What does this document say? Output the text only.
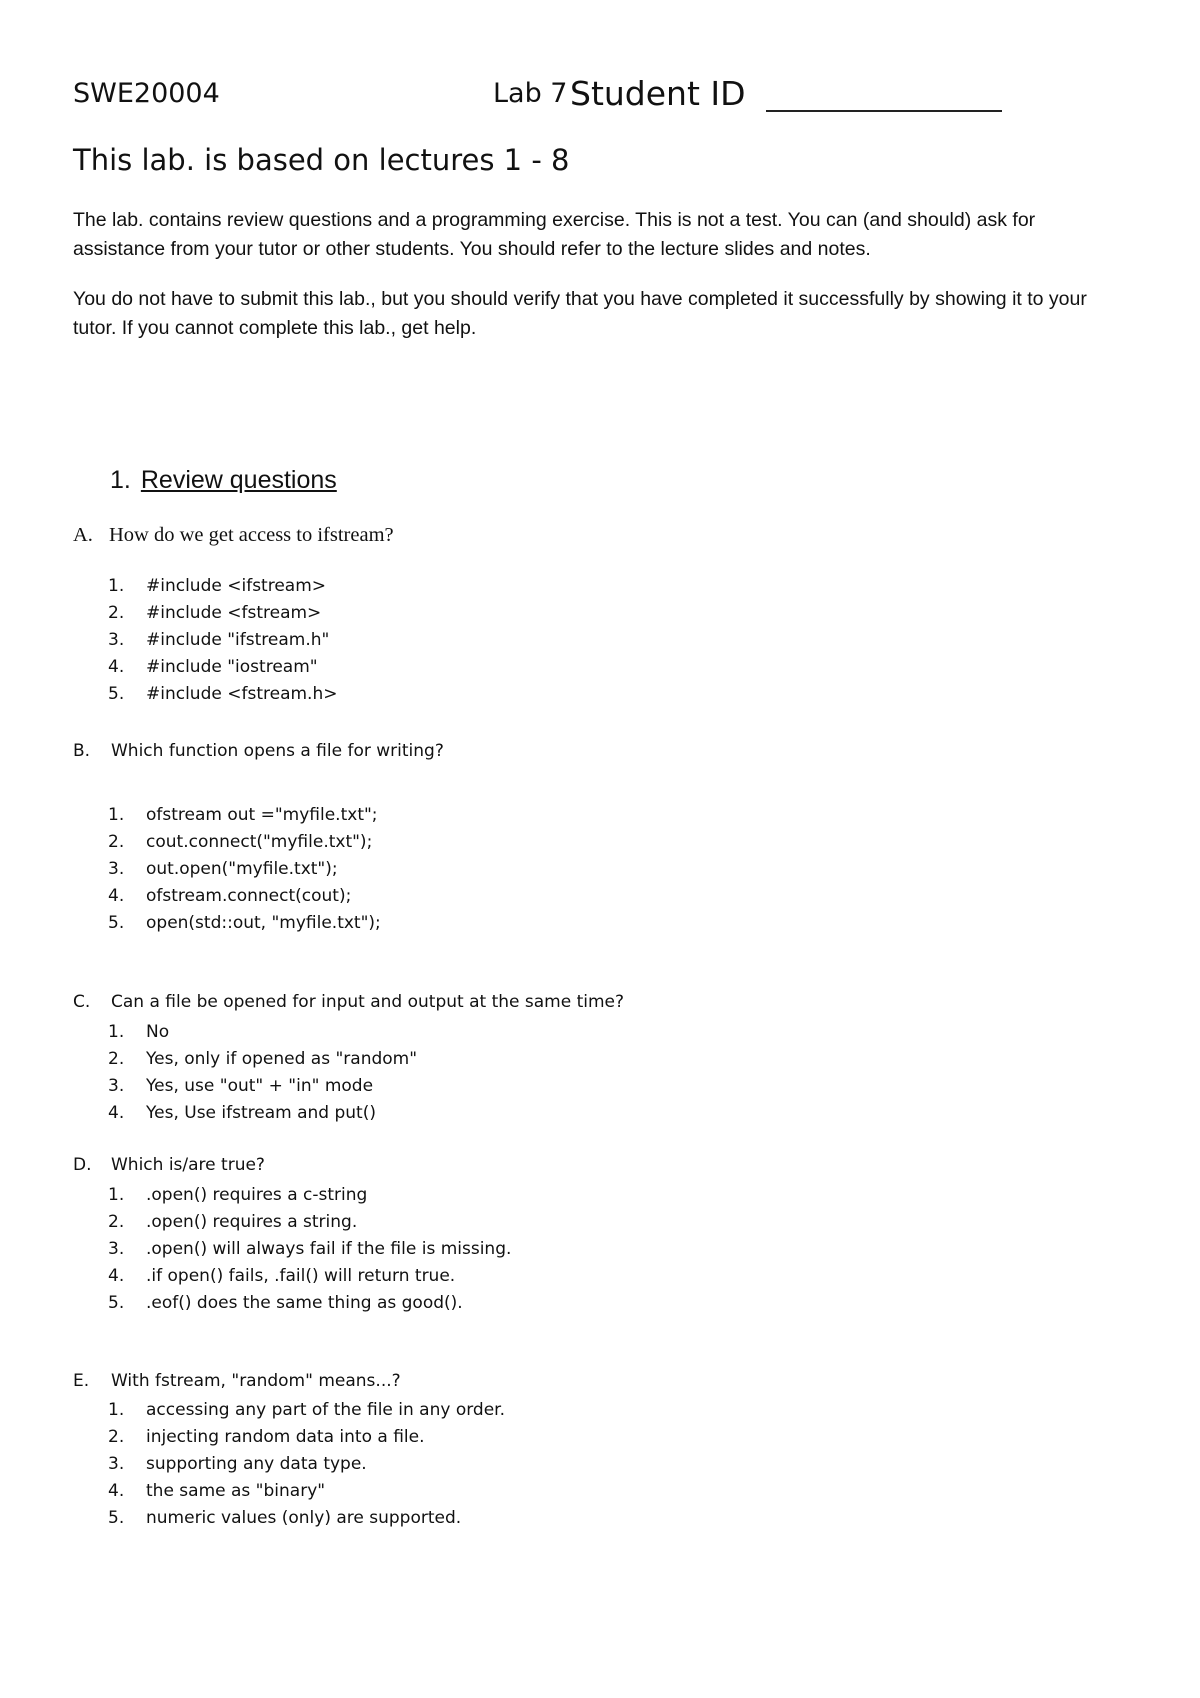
SWE20004	Lab 7 Student ID
This lab. is based on lectures 1 - 8

The lab. contains review questions and a programming exercise. This is not a test. You can (and should) ask for assistance from your tutor or other students. You should refer to the lecture slides and notes.

You do not have to submit this lab., but you should verify that you have completed it successfully by showing it to your tutor. If you cannot complete this lab., get help.

1. Review questions
A. How do we get access to ifstream?
1. #include <ifstream>
2. #include <fstream>
3. #include "ifstream.h"
4. #include "iostream"
5. #include <fstream.h>
B. Which function opens a file for writing?
1. ofstream out ="myfile.txt";
2. cout.connect("myfile.txt");
3. out.open("myfile.txt");
4. ofstream.connect(cout);
5. open(std::out, "myfile.txt");
C. Can a file be opened for input and output at the same time?
1. No
2. Yes, only if opened as "random"
3. Yes, use "out" + "in" mode
4. Yes, Use ifstream and put()
D. Which is/are true?
1. .open() requires a c-string
2. .open() requires a string.
3. .open() will always fail if the file is missing.
4. .if open() fails, .fail() will return true.
5. .eof() does the same thing as good().
E. With fstream, "random" means...?
1. accessing any part of the file in any order.
2. injecting random data into a file.
3. supporting any data type.
4. the same as "binary"
5. numeric values (only) are supported.
